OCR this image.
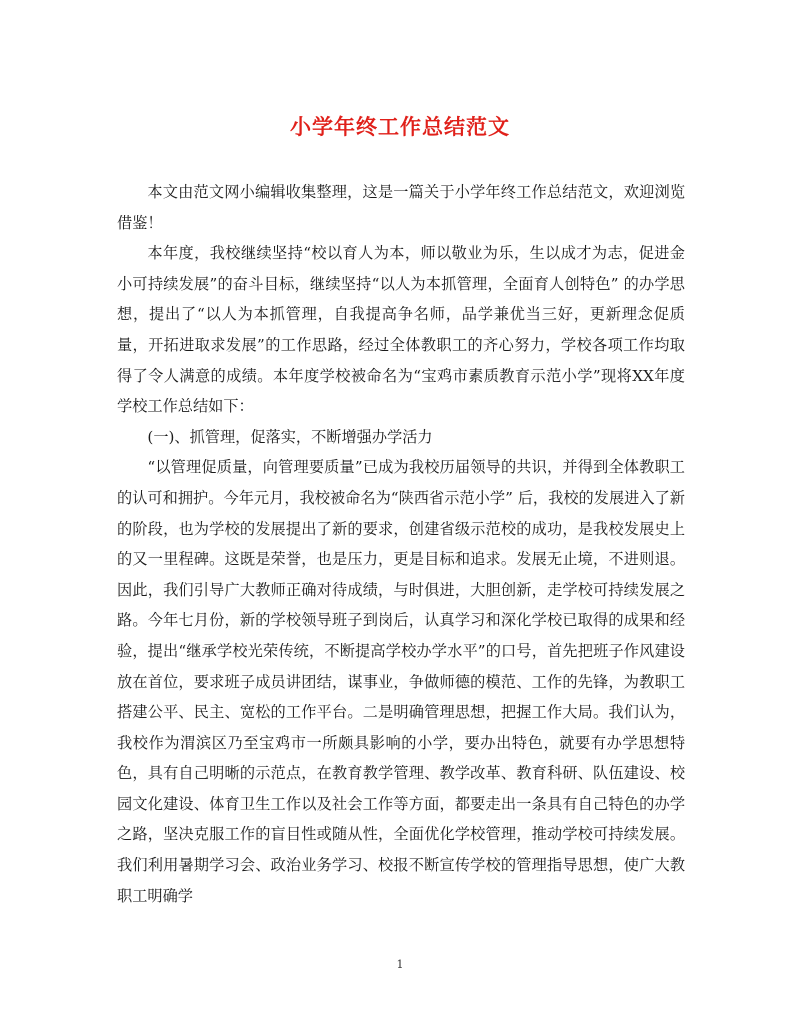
小学年终工作总结范文

本文由范文网小编辑收集整理，这是一篇关于小学年终工作总结范文，欢迎浏览借鉴！

本年度，我校继续坚持“校以育人为本，师以敬业为乐，生以成才为志，促进金小可持续发展”的奋斗目标，继续坚持“以人为本抓管理，全面育人创特色” 的办学思想，提出了“以人为本抓管理，自我提高争名师，品学兼优当三好，更新理念促质量，开拓进取求发展”的工作思路，经过全体教职工的齐心努力，学校各项工作均取得了令人满意的成绩。本年度学校被命名为“宝鸡市素质教育示范小学”现将XX年度学校工作总结如下：

(一)、抓管理，促落实，不断增强办学活力

“以管理促质量，向管理要质量”已成为我校历届领导的共识，并得到全体教职工的认可和拥护。今年元月，我校被命名为“陕西省示范小学” 后，我校的发展进入了新的阶段，也为学校的发展提出了新的要求，创建省级示范校的成功，是我校发展史上的又一里程碑。这既是荣誉，也是压力，更是目标和追求。发展无止境，不进则退。因此，我们引导广大教师正确对待成绩，与时俱进，大胆创新，走学校可持续发展之路。今年七月份，新的学校领导班子到岗后，认真学习和深化学校已取得的成果和经验，提出“继承学校光荣传统，不断提高学校办学水平”的口号，首先把班子作风建设放在首位，要求班子成员讲团结，谋事业，争做师德的模范、工作的先锋，为教职工搭建公平、民主、宽松的工作平台。二是明确管理思想，把握工作大局。我们认为，我校作为渭滨区乃至宝鸡市一所颇具影响的小学，要办出特色，就要有办学思想特色，具有自己明晰的示范点，在教育教学管理、教学改革、教育科研、队伍建设、校园文化建设、体育卫生工作以及社会工作等方面，都要走出一条具有自己特色的办学之路，坚决克服工作的盲目性或随从性，全面优化学校管理，推动学校可持续发展。我们利用暑期学习会、政治业务学习、校报不断宣传学校的管理指导思想，使广大教职工明确学

1
